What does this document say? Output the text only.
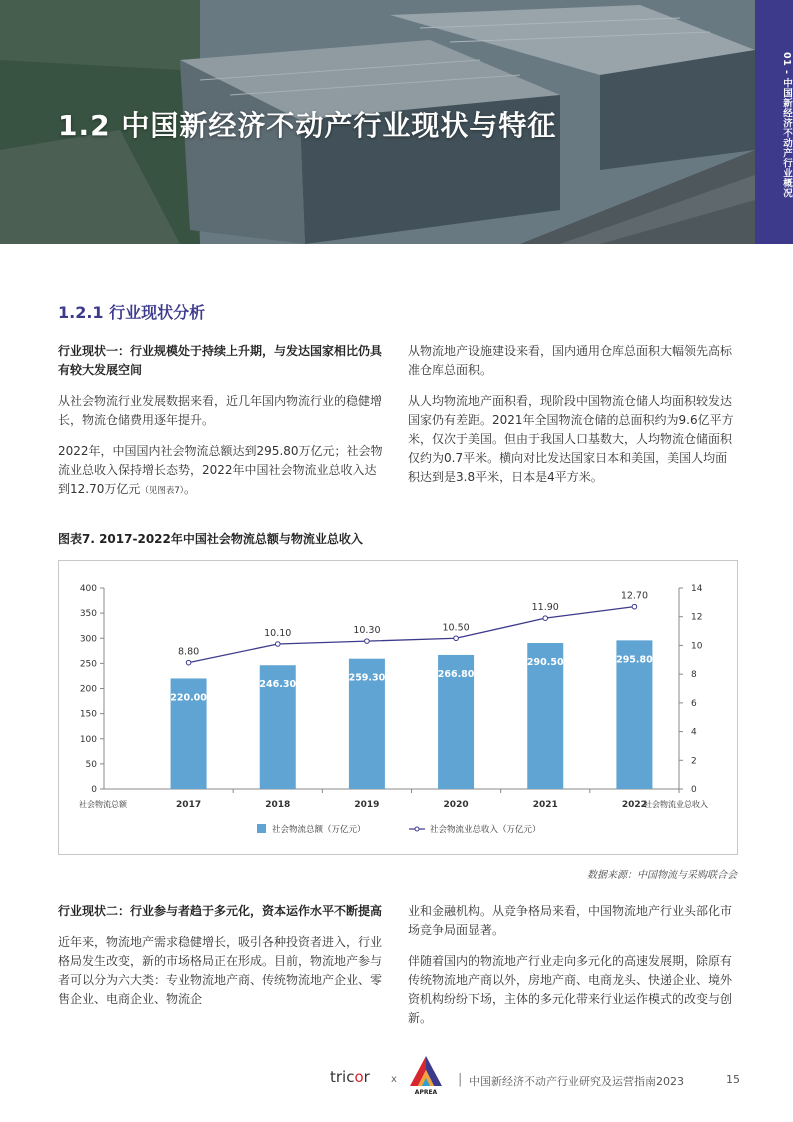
1.2 中国新经济不动产行业现状与特征	01 - 中国新经济不动产行业概况
1.2.1 行业现状分析

行业现状一：行业规模处于持续上升期，与发达国家相比仍具有较大发展空间

从社会物流行业发展数据来看，近几年国内物流行业的稳健增长，物流仓储费用逐年提升。

2022年，中国国内社会物流总额达到295.80万亿元；社会物流业总收入保持增长态势，2022年中国社会物流业总收入达到12.70万亿元（见图表7）。

从物流地产设施建设来看，国内通用仓库总面积大幅领先高标准仓库总面积。

从人均物流地产面积看，现阶段中国物流仓储人均面积较发达国家仍有差距。2021年全国物流仓储的总面积约为9.6亿平方米，仅次于美国。但由于我国人口基数大，人均物流仓储面积仅约为0.7平米。横向对比发达国家日本和美国，美国人均面积达到是3.8平米，日本是4平方米。

图表7. 2017-2022年中国社会物流总额与物流业总收入
0
50
100
150
200
250
300
350
400
0
2
4
6
8
10
12
14
220.00
2017
246.30
2018
259.30
2019
266.80
2020
290.50
2021
295.80
2022
8.80
10.10	10.30	10.50
11.90
12.70
社会物流总额	社会物流业总收入
社会物流总额（万亿元）	社会物流业总收入（万亿元）
数据来源：中国物流与采购联合会

行业现状二：行业参与者趋于多元化，资本运作水平不断提高

近年来，物流地产需求稳健增长，吸引各种投资者进入，行业格局发生改变，新的市场格局正在形成。目前，物流地产参与者可以分为六大类：专业物流地产商、传统物流地产企业、零售企业、电商企业、物流企

业和金融机构。从竞争格局来看，中国物流地产行业头部化市场竞争局面显著。

伴随着国内的物流地产行业走向多元化的高速发展期，除原有传统物流地产商以外，房地产商、电商龙头、快递企业、境外资机构纷纷下场，主体的多元化带来行业运作模式的改变与创新。

tricor x
APREA
| 中国新经济不动产行业研究及运营指南2023	15
